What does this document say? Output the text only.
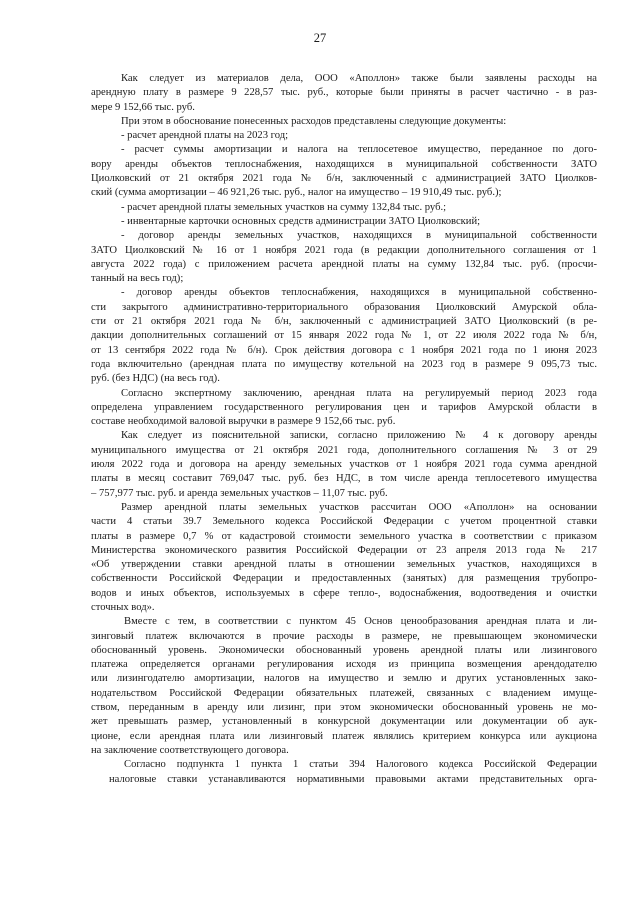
27
Как следует из материалов дела, ООО «Аполлон» также были заявлены расходы на
арендную плату в размере 9 228,57 тыс. руб., которые были приняты в расчет частично - в раз-
мере 9 152,66 тыс. руб.
При этом в обоснование понесенных расходов представлены следующие документы:
- расчет арендной платы на 2023 год;
- расчет суммы амортизации и налога на теплосетевое имущество, переданное по дого-
вору аренды объектов теплоснабжения, находящихся в муниципальной собственности ЗАТО
Циолковский от 21 октября 2021 года № б/н, заключенный с администрацией ЗАТО Циолков-
ский (сумма амортизации – 46 921,26 тыс. руб., налог на имущество – 19 910,49 тыс. руб.);
- расчет арендной платы земельных участков на сумму 132,84 тыс. руб.;
- инвентарные карточки основных средств администрации ЗАТО Циолковский;
- договор аренды земельных участков, находящихся в муниципальной собственности
ЗАТО Циолковский № 16 от 1 ноября 2021 года (в редакции дополнительного соглашения от 1
августа 2022 года) с приложением расчета арендной платы на сумму 132,84 тыс. руб. (просчи-
танный на весь год);
- договор аренды объектов теплоснабжения, находящихся в муниципальной собственно-
сти закрытого административно-территориального образования Циолковский Амурской обла-
сти от 21 октября 2021 года № б/н, заключенный с администрацией ЗАТО Циолковский (в ре-
дакции дополнительных соглашений от 15 января 2022 года № 1, от 22 июля 2022 года № б/н,
от 13 сентября 2022 года № б/н). Срок действия договора с 1 ноября 2021 года по 1 июня 2023
года включительно (арендная плата по имуществу котельной на 2023 год в размере 9 095,73 тыс.
руб. (без НДС) (на весь год).
Согласно экспертному заключению, арендная плата на регулируемый период 2023 года
определена управлением государственного регулирования цен и тарифов Амурской области в
составе необходимой валовой выручки в размере 9 152,66 тыс. руб.
Как следует из пояснительной записки, согласно приложению № 4 к договору аренды
муниципального имущества от 21 октября 2021 года, дополнительного соглашения № 3 от 29
июля 2022 года и договора на аренду земельных участков от 1 ноября 2021 года сумма арендной
платы в месяц составит 769,047 тыс. руб. без НДС, в том числе аренда теплосетевого имущества
– 757,977 тыс. руб. и аренда земельных участков – 11,07 тыс. руб.
Размер арендной платы земельных участков рассчитан ООО «Аполлон» на основании
части 4 статьи 39.7 Земельного кодекса Российской Федерации с учетом процентной ставки
платы в размере 0,7 % от кадастровой стоимости земельного участка в соответствии с приказом
Министерства экономического развития Российской Федерации от 23 апреля 2013 года № 217
«Об утверждении ставки арендной платы в отношении земельных участков, находящихся в
собственности Российской Федерации и предоставленных (занятых) для размещения трубопро-
водов и иных объектов, используемых в сфере тепло-, водоснабжения, водоотведения и очистки
сточных вод».
Вместе с тем, в соответствии с пунктом 45 Основ ценообразования арендная плата и ли-
зинговый платеж включаются в прочие расходы в размере, не превышающем экономически
обоснованный уровень. Экономически обоснованный уровень арендной платы или лизингового
платежа определяется органами регулирования исходя из принципа возмещения арендодателю
или лизингодателю амортизации, налогов на имущество и землю и других установленных зако-
нодательством Российской Федерации обязательных платежей, связанных с владением имуще-
ством, переданным в аренду или лизинг, при этом экономически обоснованный уровень не мо-
жет превышать размер, установленный в конкурсной документации или документации об аук-
ционе, если арендная плата или лизинговый платеж являлись критерием конкурса или аукциона
на заключение соответствующего договора.
Согласно подпункта 1 пункта 1 статьи 394 Налогового кодекса Российской Федерации
налоговые ставки устанавливаются нормативными правовыми актами представительных орга-
